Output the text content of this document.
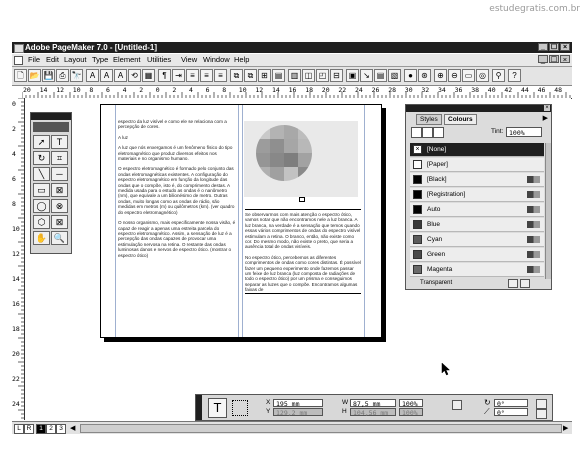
estudegratis.com.br
Adobe PageMaker 7.0 - [Untitled-1]	_ ☐ ×
File Edit Layout Type Element Utilities View Window Help	_ ☐ ×
🗋 📂 💾 ⎙ 🔭	A	A	A ⟲ ▦	¶	⇥	≡	≡	≡	⧉	⧉ ⊞ ▤	▥ ◫ ◰ ⊟	▣ ↘ ▤ ▧	●	⊛	⊕ ⊖ ▭ ◎	⚲	?
20 14 12 10 8 6 4 2 0 2 4 6 8 10 12 14 16 18 20 22 24 26 28 30 32 34 36 38 40 42 44 46 48
0
2
4
6
8
10
12
14
16
18
20
22
24
espectro da luz visível e como ele se relaciona com a percepção de cores.
A luz
A luz que nós enxergamos é um fenômeno físico do tipo eletromagnético que produz diversos efeitos nos materiais e no organismo humano.
O espectro eletromagnético é formado pelo conjunto das ondas eletromagnéticas existentes. A configuração do espectro eletromagnético em função da longitude das ondas que o compõe, isto é, do comprimento destas. A medida usada para o estudo as ondas é o nanômetro (nm), que equivale a um bilionésimo de metro. Outras ondas, muito longas como as ondas de rádio, são medidas em metros (m) ou quilômetros (km). (ver quadro do espectro eletromagnético)
O nosso organismo, mais especificamente nossa visão, é capaz de reagir a apenas uma estreita parcela do espectro eletromagnético. Assim, a sensação de luz é a percepção das ondas capazes de provocar uma estimulação nervosa na retina. O restante das ondas luminosas danos e nervos de espectro ótico. (mostrar o espectro ótico)
Se observarmos com mais atenção o espectro ótico, vamos notar que não encontramos nele a luz branca. A luz branca, na verdade é a sensação que temos quando essas vários comprimentos de ondas do espectro visível estimulam a retina. O branco, então, não existe como cor. Do mesmo modo, não existe o preto, que seria a ausência total de ondas visíveis.
No espectro ótico, percebemos as diferentes comprimentos de ondas como cores distintas. É possível fazer um pequeno experimento onde fazemos passar um feixe de luz branca (luz composta de radiações de todo o espectro ótico) por um prisma e conseguimos separar as luzes que o compõe. Encontramos algumas faixas de
➚	T
↻	⌗
╲	─
▭	⊠
◯	⊗
⬡	⊠
✋ 🔍
×
Styles	Colours	▶
Tint: 100%
×	[None]
[Paper]
[Black]
[Registration]
Auto
Blue
Cyan
Green
Magenta
Transparent
T	X 195 mm
Y 129,2 mm
W 87,5 mm
H 104,56 mm
100%
100%
↻ 0°
⟋	0°
L R	1 2 3	◀	▶
